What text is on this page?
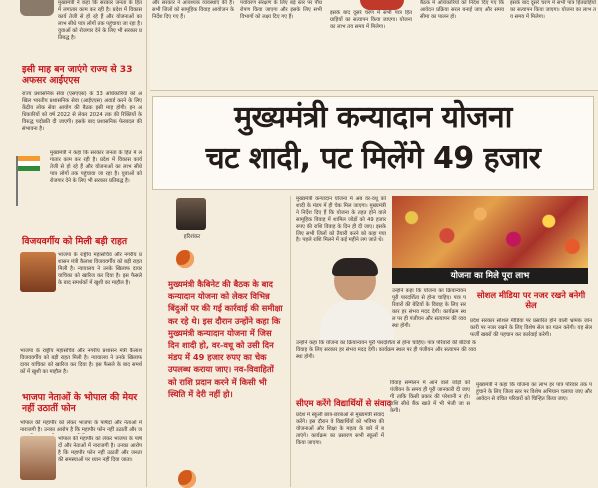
मुख्यमंत्री ने कहा कि सरकार जनता के हित में लगातार काम कर रही है। प्रदेश में विकास कार्य तेजी से हो रहे हैं और योजनाओं का लाभ सीधे पात्र लोगों तक पहुंचाया जा रहा है। युवाओं को रोजगार देने के लिए भी सरकार प्रतिबद्ध है।
इसी माह बन जाएंगे राज्य से 33 अफसर आईएएस
राज्य प्रशासनिक सेवा (एसएएस) के 33 अधिकारियों को अखिल भारतीय प्रशासनिक सेवा (आईएएस) अवार्ड करने के लिए केंद्रीय लोक सेवा आयोग की बैठक इसी माह होगी। इन अधिकारियों को वर्ष 2022 से लेकर 2024 तक की रिक्तियों के विरुद्ध पदोन्नति दी जाएगी। इसके बाद प्रशासनिक फेरबदल की संभावना है।
मुख्यमंत्री ने कहा कि सरकार जनता के हित में लगातार काम कर रही है। प्रदेश में विकास कार्य तेजी से हो रहे हैं और योजनाओं का लाभ सीधे पात्र लोगों तक पहुंचाया जा रहा है। युवाओं को रोजगार देने के लिए भी सरकार प्रतिबद्ध है।
विजयवर्गीय को मिली बड़ी राहत
भाजपा के राष्ट्रीय महासचिव और नगरीय प्रशासन मंत्री कैलाश विजयवर्गीय को बड़ी राहत मिली है। न्यायालय ने उनके खिलाफ दायर याचिका को खारिज कर दिया है। इस फैसले के बाद समर्थकों में खुशी का माहौल है।
भाजपा के राष्ट्रीय महासचिव और नगरीय प्रशासन मंत्री कैलाश विजयवर्गीय को बड़ी राहत मिली है। न्यायालय ने उनके खिलाफ दायर याचिका को खारिज कर दिया है। इस फैसले के बाद समर्थकों में खुशी का माहौल है।
भाजपा नेताओं के भोपाल की मेयर नहीं उठातीं फोन
भोपाल की महापौर को लेकर भाजपा के पार्षदों और नेताओं में नाराजगी है। उनका आरोप है कि महापौर फोन नहीं उठातीं और ज
भोपाल की महापौर को लेकर भाजपा के पार्षदों और नेताओं में नाराजगी है। उनका आरोप है कि महापौर फोन नहीं उठातीं और जनता की समस्याओं पर ध्यान नहीं दिया जाता।
और सरकार ने आवश्यक व्यवस्थाएं की हैं। सभी जिलों को सामूहिक विवाह आयोजन के निर्देश दिए गए हैं।
पर्यावरण संरक्षण के लिए बड़े स्तर पर पौधरोपण किया जाएगा और इसके लिए सभी विभागों को लक्ष्य दिए गए हैं।
इसके बाद दूसरे चरण में सभी पात्र हितग्राहियों का सत्यापन किया जाएगा। योजना का लाभ तय समय में मिलेगा।
बैठक में अधिकारियों को निर्देश दिए गए कि आवेदन प्रक्रिया सरल बनाई जाए और समय सीमा का पालन हो।
इसके बाद दूसरे चरण में सभी पात्र हितग्राहियों का सत्यापन किया जाएगा। योजना का लाभ तय समय में मिलेगा।
मुख्यमंत्री कन्यादान योजना
चट शादी, पट मिलेंगे 49 हजार
हरिशंकर
मुख्यमंत्री कैबिनेट की बैठक के बाद कन्यादान योजना को लेकर विभिन्न बिंदुओं पर की गई कार्रवाई की समीक्षा कर रहे थे। इस दौरान उन्होंने कहा कि मुख्यमंत्री कन्यादान योजना में जिस दिन शादी हो, वर-वधू को उसी दिन मंडप में 49 हजार रुपए का चेक उपलब्ध कराया जाए। नव-विवाहितों को राशि प्रदान करने में किसी भी स्थिति में देरी नहीं हो।
मुख्यमंत्री कन्यादान योजना में अब वर-वधू को शादी के मंडप में ही चेक मिल जाएगा। मुख्यमंत्री ने निर्देश दिए हैं कि योजना के तहत होने वाले सामूहिक विवाह में शामिल जोड़ों को 49 हजार रुपए की राशि विवाह के दिन ही दी जाए। इसके लिए सभी जिलों को तैयारी करने को कहा गया है। पहले राशि मिलने में कई महीने लग जाते थे।
उन्होंने कहा कि योजना का क्रियान्वयन पूरी पारदर्शिता से होना चाहिए। पात्र परिवारों की बेटियों के विवाह के लिए सरकार हर संभव मदद देगी। कार्यक्रम स्थल पर ही पंजीयन और सत्यापन की व्यवस्था होगी।
सीएम करेंगे विद्यार्थियों से संवाद
प्रदेश में स्कूली छात्र-छात्राओं से मुख्यमंत्री संवाद करेंगे। इस दौरान वे विद्यार्थियों को भविष्य की योजनाओं और शिक्षा के महत्व के बारे में बताएंगे। कार्यक्रम का प्रसारण सभी स्कूलों में किया जाएगा।
विवाह सम्मेलन में आने वाले जोड़ों को पंजीयन के समय ही पूरी जानकारी दी जाएगी ताकि किसी प्रकार की परेशानी न हो। राशि सीधे बैंक खाते में भी भेजी जा सकेगी।
योजना का मिले पूरा लाभ
उन्होंने कहा कि योजना का क्रियान्वयन पूरी पारदर्शिता से होना चाहिए। पात्र परिवारों की बेटियों के विवाह के लिए सरकार हर संभव मदद देगी। कार्यक्रम स्थल पर ही पंजीयन और सत्यापन की व्यवस्था होगी।
सोशल मीडिया पर नजर रखने बनेगी सेल
प्रदेश सरकार सोशल मीडिया पर प्रसारित होने वाली भ्रामक जानकारी पर नजर रखने के लिए विशेष सेल का गठन करेगी। यह सेल फर्जी खबरों की पहचान कर कार्रवाई करेगी।
मुख्यमंत्री ने कहा कि योजना का लाभ हर पात्र परिवार तक पहुंचाने के लिए जिला स्तर पर विशेष अभियान चलाया जाए और आवेदन से वंचित परिवारों को चिन्हित किया जाए।
